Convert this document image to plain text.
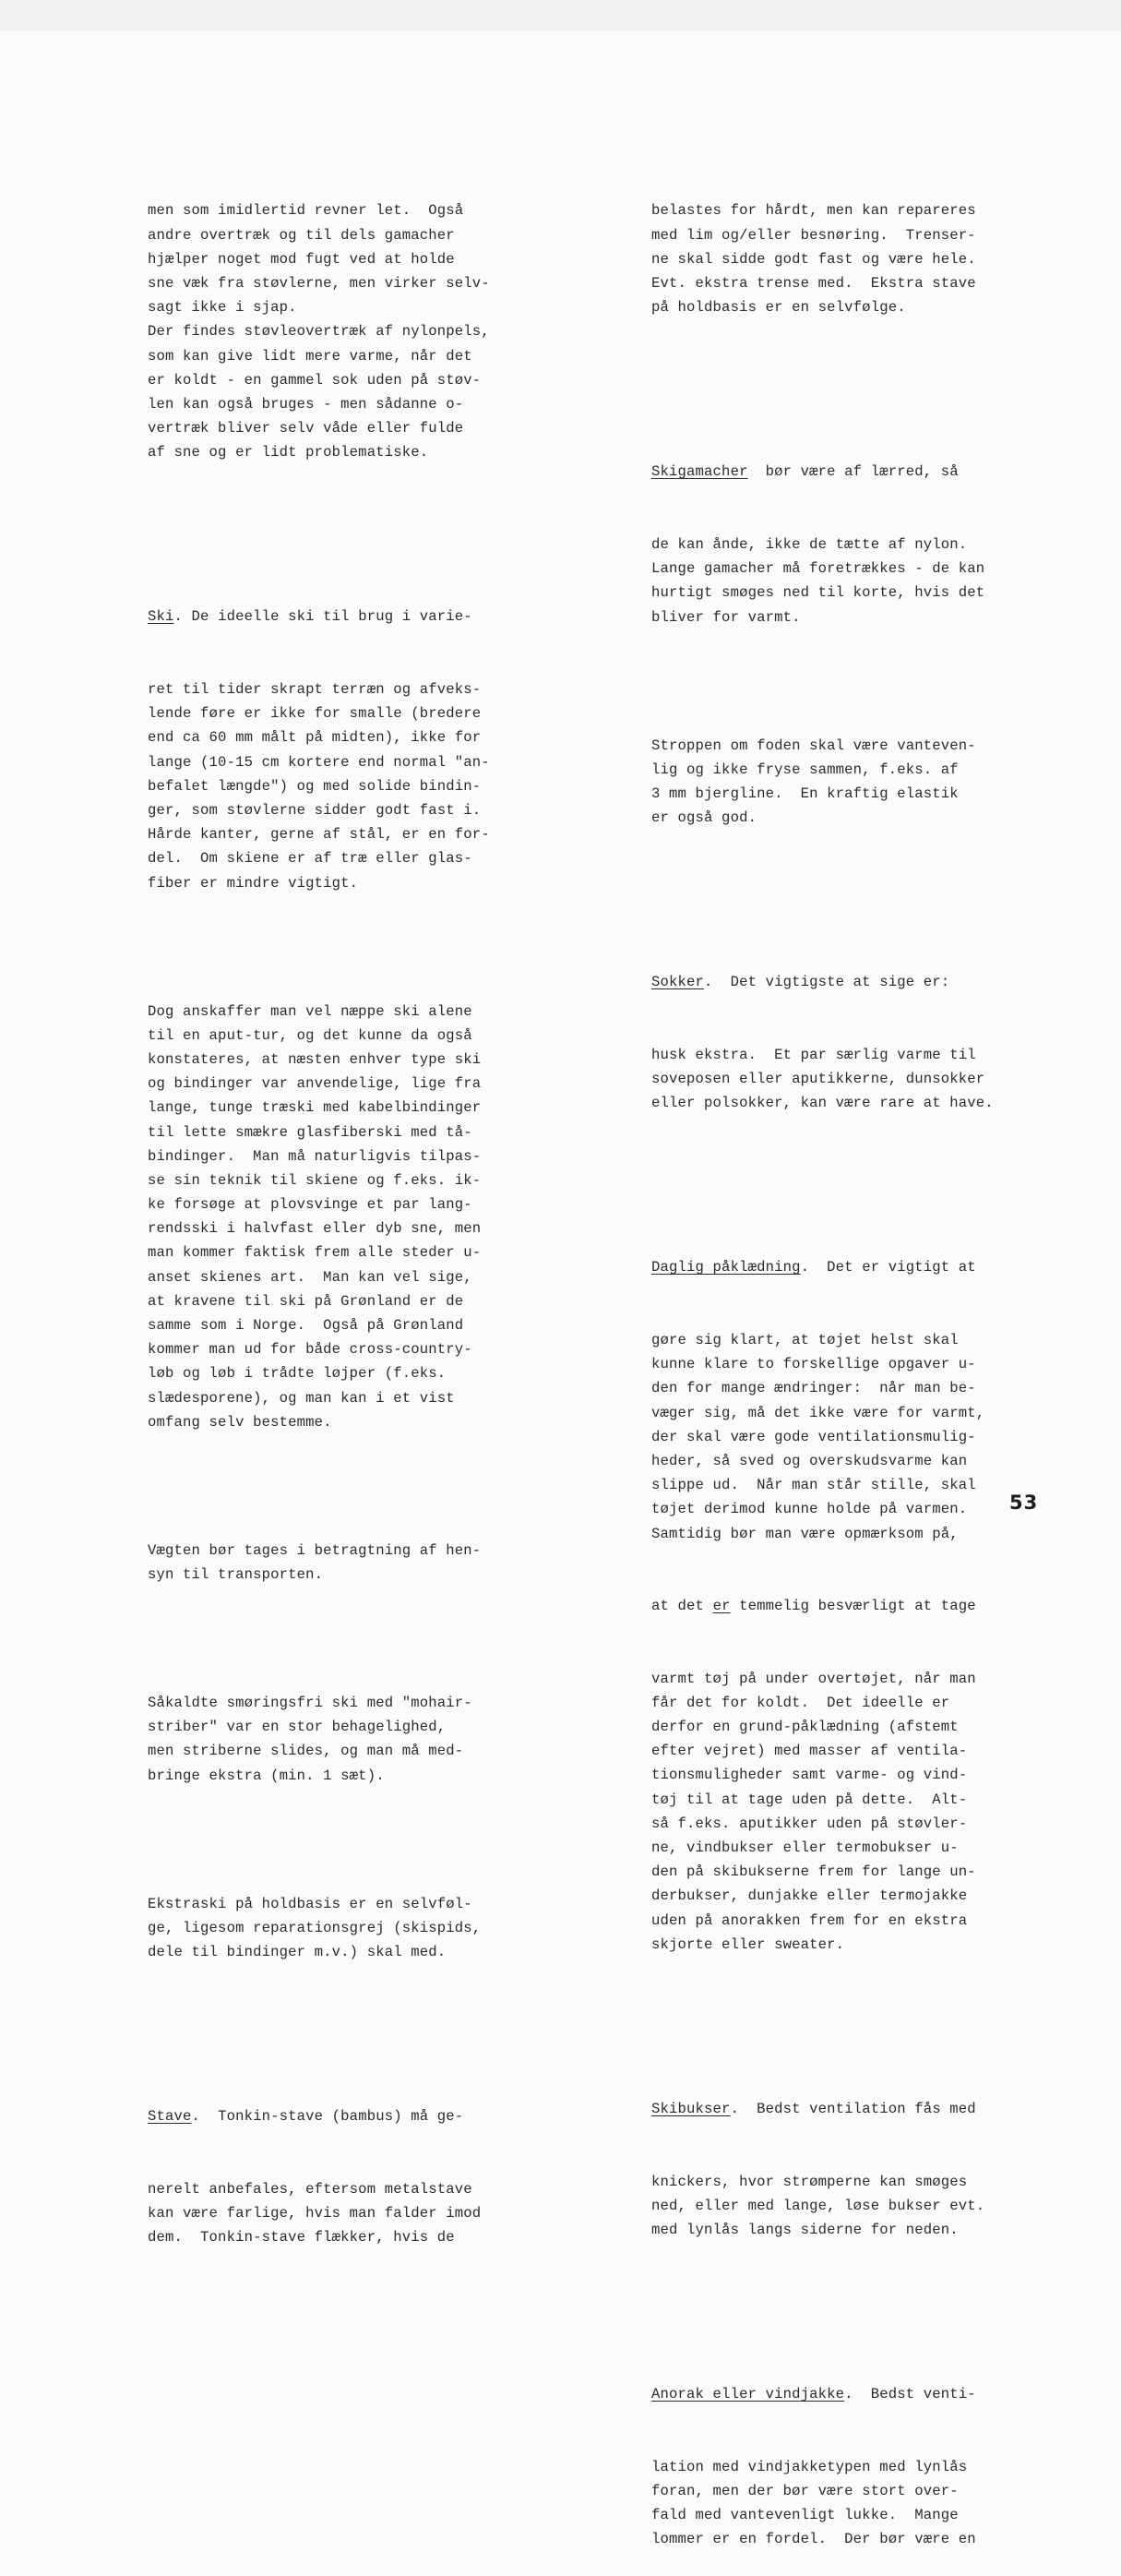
men som imidlertid revner let.  Også
andre overtræk og til dels gamacher
hjælper noget mod fugt ved at holde
sne væk fra støvlerne, men virker selv-
sagt ikke i sjap.
Der findes støvleovertræk af nylonpels,
som kan give lidt mere varme, når det
er koldt - en gammel sok uden på støv-
len kan også bruges - men sådanne o-
vertræk bliver selv våde eller fulde
af sne og er lidt problematiske.

Ski. De ideelle ski til brug i varie-

ret til tider skrapt terræn og afveks-
lende føre er ikke for smalle (bredere
end ca 60 mm målt på midten), ikke for
lange (10-15 cm kortere end normal "an-
befalet længde") og med solide bindin-
ger, som støvlerne sidder godt fast i.
Hårde kanter, gerne af stål, er en for-
del.  Om skiene er af træ eller glas-
fiber er mindre vigtigt.

Dog anskaffer man vel næppe ski alene
til en aput-tur, og det kunne da også
konstateres, at næsten enhver type ski
og bindinger var anvendelige, lige fra
lange, tunge træski med kabelbindinger
til lette smækre glasfiberski med tå-
bindinger.  Man må naturligvis tilpas-
se sin teknik til skiene og f.eks. ik-
ke forsøge at plovsvinge et par lang-
rendsski i halvfast eller dyb sne, men
man kommer faktisk frem alle steder u-
anset skienes art.  Man kan vel sige,
at kravene til ski på Grønland er de
samme som i Norge.  Også på Grønland
kommer man ud for både cross-country-
løb og løb i trådte løjper (f.eks.
slædesporene), og man kan i et vist
omfang selv bestemme.

Vægten bør tages i betragtning af hen-
syn til transporten.

Såkaldte smøringsfri ski med "mohair-
striber" var en stor behagelighed,
men striberne slides, og man må med-
bringe ekstra (min. 1 sæt).

Ekstraski på holdbasis er en selvføl-
ge, ligesom reparationsgrej (skispids,
dele til bindinger m.v.) skal med.

Stave.  Tonkin-stave (bambus) må ge-

nerelt anbefales, eftersom metalstave
kan være farlige, hvis man falder imod
dem.  Tonkin-stave flækker, hvis de

belastes for hårdt, men kan repareres
med lim og/eller besnøring.  Trenser-
ne skal sidde godt fast og være hele.
Evt. ekstra trense med.  Ekstra stave
på holdbasis er en selvfølge.

Skigamacher  bør være af lærred, så

de kan ånde, ikke de tætte af nylon.
Lange gamacher må foretrækkes - de kan
hurtigt smøges ned til korte, hvis det
bliver for varmt.

Stroppen om foden skal være vanteven-
lig og ikke fryse sammen, f.eks. af
3 mm bjergline.  En kraftig elastik
er også god.

Sokker.  Det vigtigste at sige er:

husk ekstra.  Et par særlig varme til
soveposen eller aputikkerne, dunsokker
eller polsokker, kan være rare at have.

Daglig påklædning.  Det er vigtigt at

gøre sig klart, at tøjet helst skal
kunne klare to forskellige opgaver u-
den for mange ændringer:  når man be-
væger sig, må det ikke være for varmt,
der skal være gode ventilationsmulig-
heder, så sved og overskudsvarme kan
slippe ud.  Når man står stille, skal
tøjet derimod kunne holde på varmen.
Samtidig bør man være opmærksom på,

at det er temmelig besværligt at tage

varmt tøj på under overtøjet, når man
får det for koldt.  Det ideelle er
derfor en grund-påklædning (afstemt
efter vejret) med masser af ventila-
tionsmuligheder samt varme- og vind-
tøj til at tage uden på dette.  Alt-
så f.eks. aputikker uden på støvler-
ne, vindbukser eller termobukser u-
den på skibukserne frem for lange un-
derbukser, dunjakke eller termojakke
uden på anorakken frem for en ekstra
skjorte eller sweater.

Skibukser.  Bedst ventilation fås med

knickers, hvor strømperne kan smøges
ned, eller med lange, løse bukser evt.
med lynlås langs siderne for neden.

Anorak eller vindjakke.  Bedst venti-

lation med vindjakketypen med lynlås
foran, men der bør være stort over-
fald med vantevenligt lukke.  Mange
lommer er en fordel.  Der bør være en

53
